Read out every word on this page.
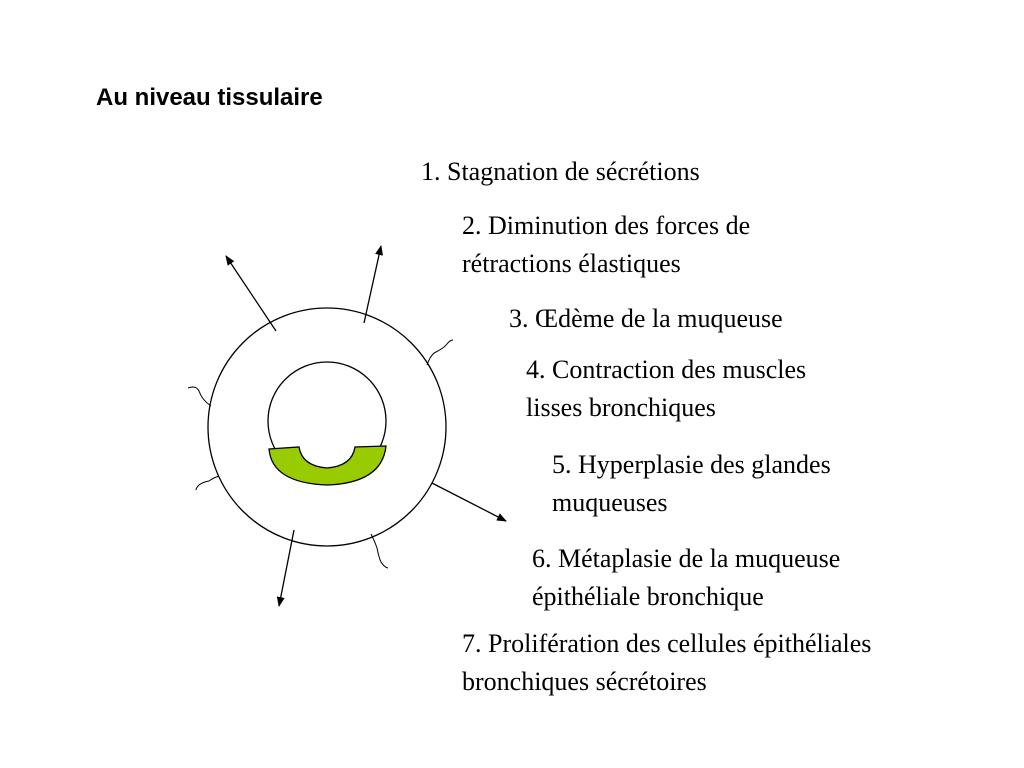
Au niveau tissulaire
1. Stagnation de sécrétions
2. Diminution des forces de
rétractions élastiques
3. Œdème de la muqueuse
4. Contraction des muscles
lisses bronchiques
5. Hyperplasie des glandes
muqueuses
6. Métaplasie de la muqueuse
épithéliale bronchique
7. Prolifération des cellules épithéliales
bronchiques sécrétoires
